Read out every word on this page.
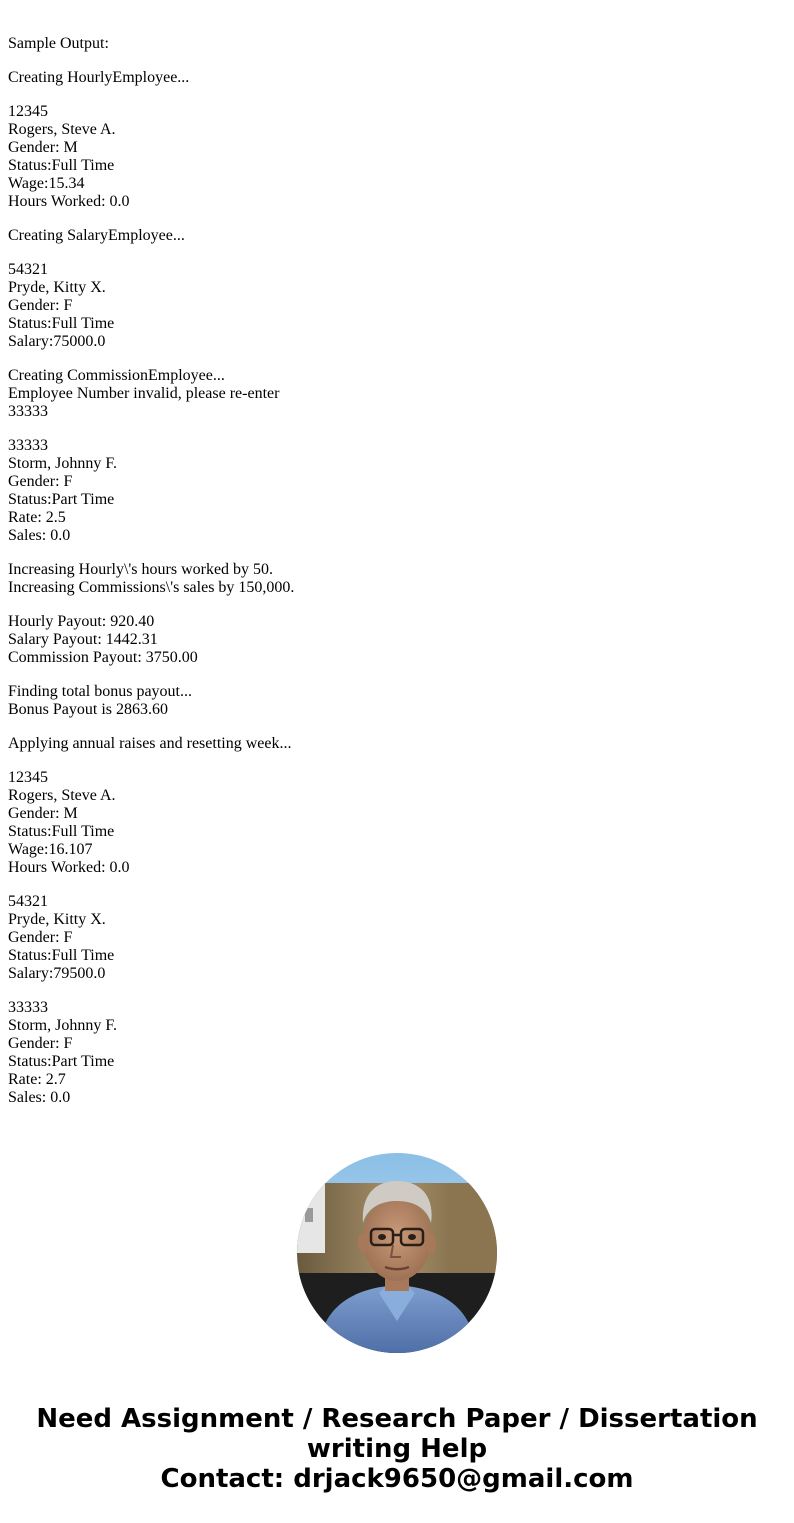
Sample Output:
Creating HourlyEmployee...
12345
Rogers, Steve A.
Gender: M
Status:Full Time
Wage:15.34
Hours Worked: 0.0
Creating SalaryEmployee...
54321
Pryde, Kitty X.
Gender: F
Status:Full Time
Salary:75000.0
Creating CommissionEmployee...
Employee Number invalid, please re-enter
33333
33333
Storm, Johnny F.
Gender: F
Status:Part Time
Rate: 2.5
Sales: 0.0
Increasing Hourly\'s hours worked by 50.
Increasing Commissions\'s sales by 150,000.
Hourly Payout: 920.40
Salary Payout: 1442.31
Commission Payout: 3750.00
Finding total bonus payout...
Bonus Payout is 2863.60
Applying annual raises and resetting week...
12345
Rogers, Steve A.
Gender: M
Status:Full Time
Wage:16.107
Hours Worked: 0.0
54321
Pryde, Kitty X.
Gender: F
Status:Full Time
Salary:79500.0
33333
Storm, Johnny F.
Gender: F
Status:Part Time
Rate: 2.7
Sales: 0.0
Need Assignment / Research Paper / Dissertation
writing Help
Contact: drjack9650@gmail.com
